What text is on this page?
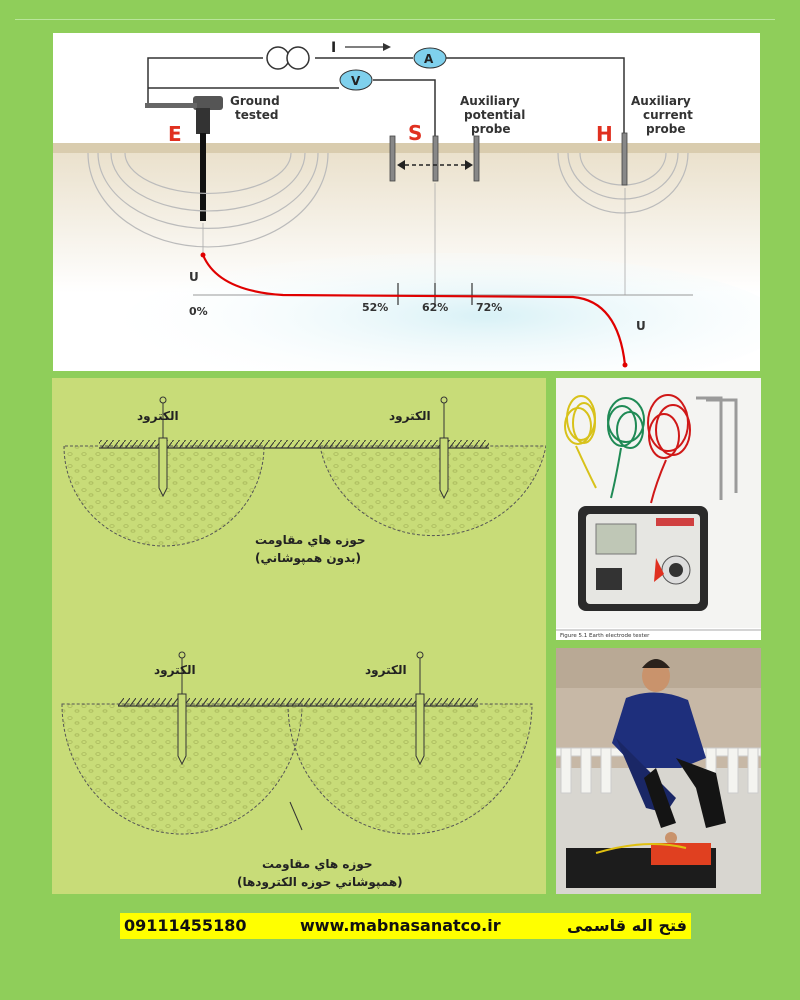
I
A
V
E
Ground
tested
S
Auxiliary
potential
probe	H
Auxiliary
current
probe
U
U
0%	52%	62%	72%
الکترود	الکترود
حوزه هاي مقاومت
(بدون همپوشاني)
الکترود	الکترود
حوزه هاي مقاومت
(همپوشاني حوزه الكترودها)
Figure 5.1 Earth electrode tester
09111455180	www.mabnasanatco.ir	فتح اله قاسمی
